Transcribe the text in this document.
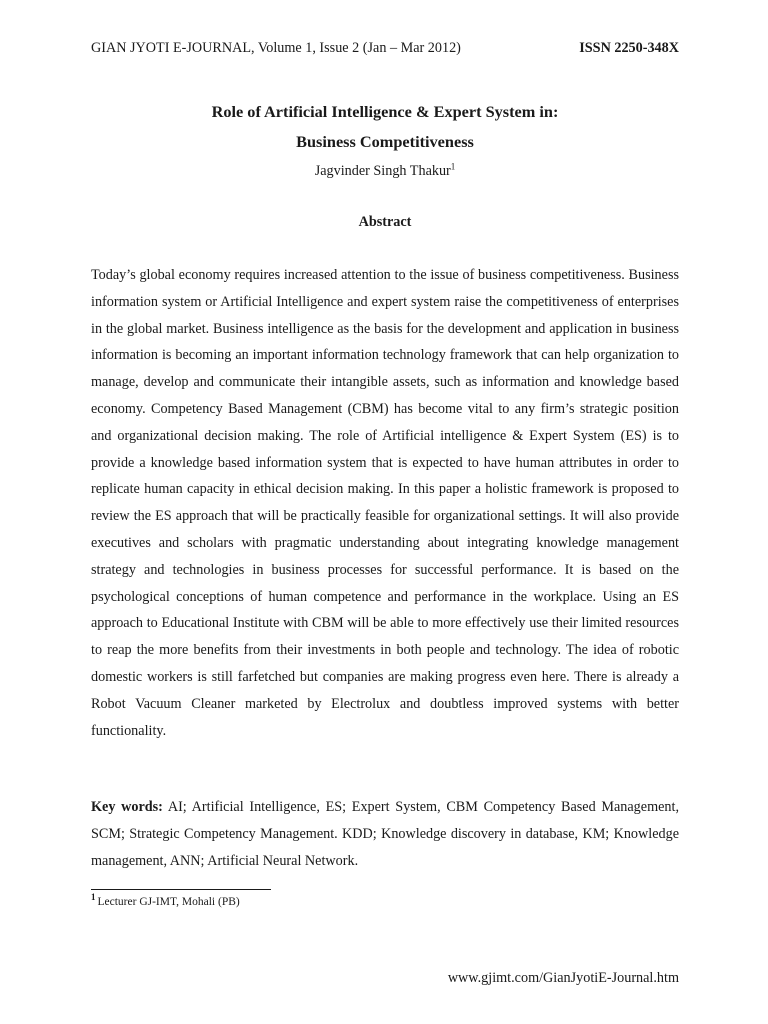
GIAN JYOTI E-JOURNAL, Volume 1, Issue 2 (Jan – Mar 2012)	ISSN 2250-348X
Role of Artificial Intelligence & Expert System in:
Business Competitiveness
Jagvinder Singh Thakur$^1$
Abstract

Today’s global economy requires increased attention to the issue of business competitiveness. Business information system or Artificial Intelligence and expert system raise the competitiveness of enterprises in the global market. Business intelligence as the basis for the development and application in business information is becoming an important information technology framework that can help organization to manage, develop and communicate their intangible assets, such as information and knowledge based economy. Competency Based Management (CBM) has become vital to any firm’s strategic position and organizational decision making. The role of Artificial intelligence & Expert System (ES) is to provide a knowledge based information system that is expected to have human attributes in order to replicate human capacity in ethical decision making. In this paper a holistic framework is proposed to review the ES approach that will be practically feasible for organizational settings. It will also provide executives and scholars with pragmatic understanding about integrating knowledge management strategy and technologies in business processes for successful performance. It is based on the psychological conceptions of human competence and performance in the workplace. Using an ES approach to Educational Institute with CBM will be able to more effectively use their limited resources to reap the more benefits from their investments in both people and technology. The idea of robotic domestic workers is still farfetched but companies are making progress even here. There is already a Robot Vacuum Cleaner marketed by Electrolux and doubtless improved systems with better functionality.

Key words: AI; Artificial Intelligence, ES; Expert System, CBM Competency Based Management, SCM; Strategic Competency Management. KDD; Knowledge discovery in database, KM; Knowledge management, ANN; Artificial Neural Network.

$^1$ Lecturer GJ-IMT, Mohali (PB)
www.gjimt.com/GianJyotiE-Journal.htm
